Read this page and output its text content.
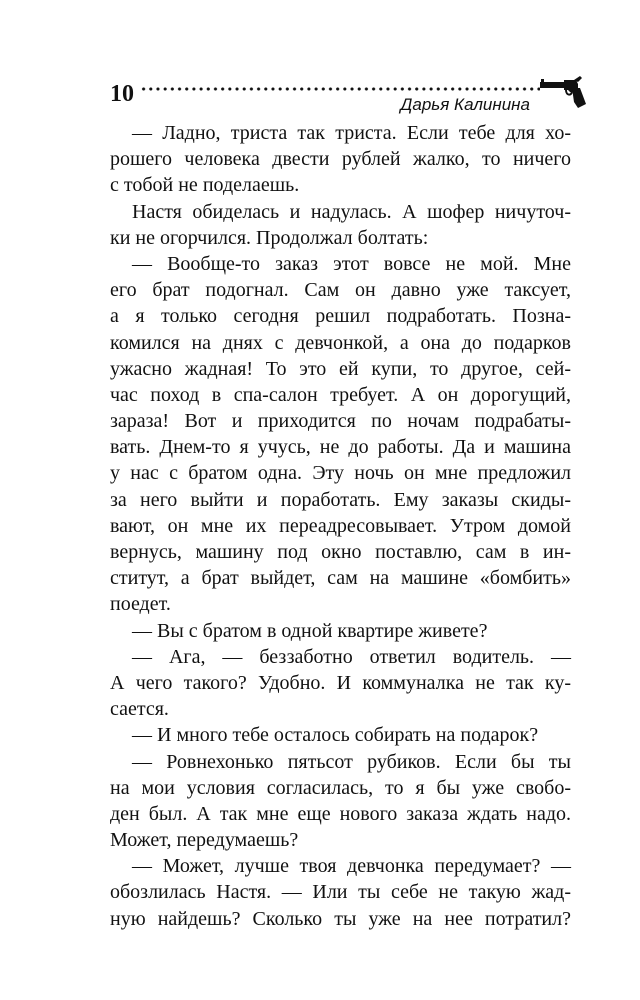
10	Дарья Калинина
— Ладно, триста так триста. Если тебе для хо-
рошего человека двести рублей жалко, то ничего
с тобой не поделаешь.
Настя обиделась и надулась. А шофер ничуточ-
ки не огорчился. Продолжал болтать:
— Вообще-то заказ этот вовсе не мой. Мне
его брат подогнал. Сам он давно уже таксует,
а я только сегодня решил подработать. Позна-
комился на днях с девчонкой, а она до подарков
ужасно жадная! То это ей купи, то другое, сей-
час поход в спа-салон требует. А он дорогущий,
зараза! Вот и приходится по ночам подрабаты-
вать. Днем-то я учусь, не до работы. Да и машина
у нас с братом одна. Эту ночь он мне предложил
за него выйти и поработать. Ему заказы скиды-
вают, он мне их переадресовывает. Утром домой
вернусь, машину под окно поставлю, сам в ин-
ститут, а брат выйдет, сам на машине «бомбить»
поедет.
— Вы с братом в одной квартире живете?
— Ага, — беззаботно ответил водитель. —
А чего такого? Удобно. И коммуналка не так ку-
сается.
— И много тебе осталось собирать на подарок?
— Ровнехонько пятьсот рубиков. Если бы ты
на мои условия согласилась, то я бы уже свобо-
ден был. А так мне еще нового заказа ждать надо.
Может, передумаешь?
— Может, лучше твоя девчонка передумает? —
обозлилась Настя. — Или ты себе не такую жад-
ную найдешь? Сколько ты уже на нее потратил?
